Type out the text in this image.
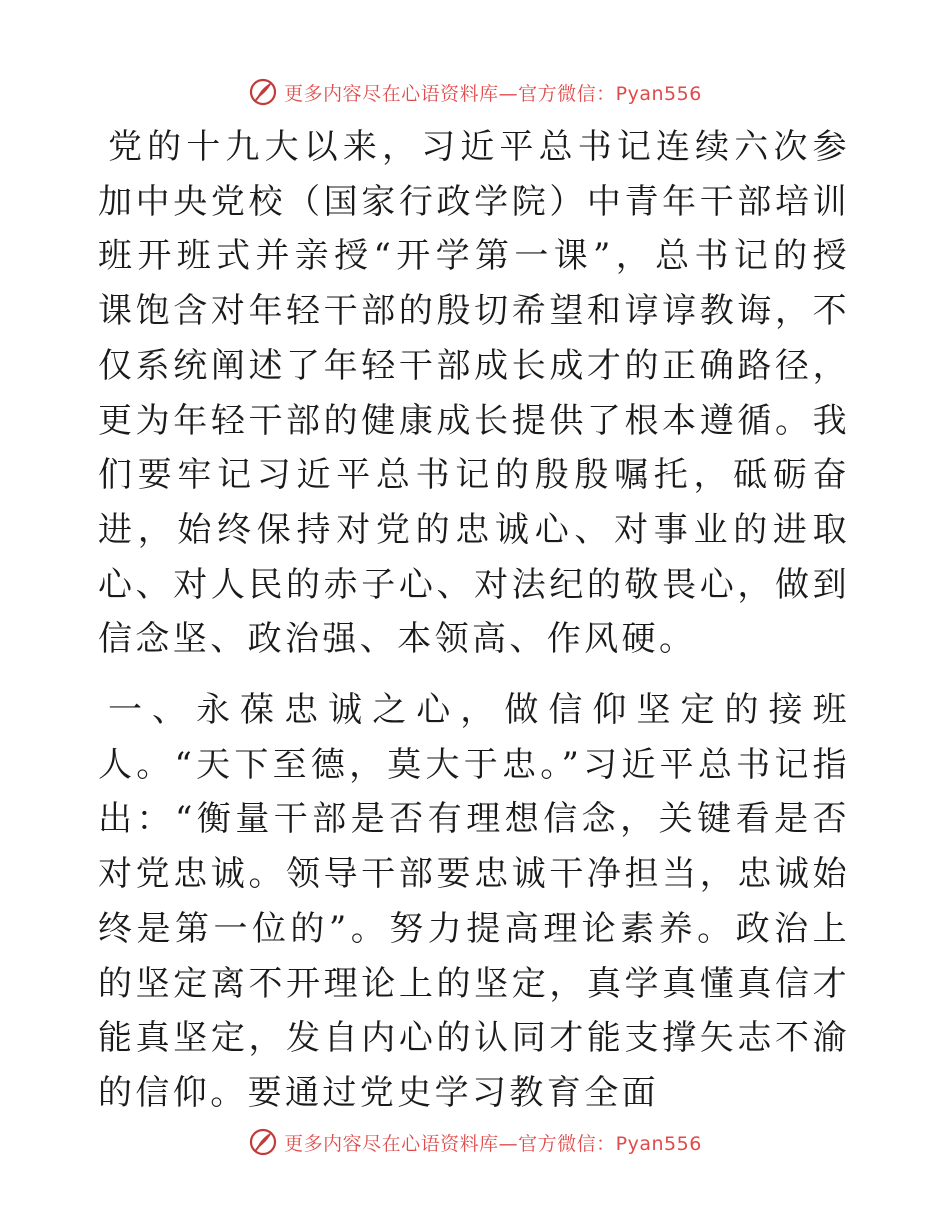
更多内容尽在心语资料库—官方微信：Pyan556

党的十九大以来，习近平总书记连续六次参加中央党校（国家行政学院）中青年干部培训班开班式并亲授“开学第一课”，总书记的授课饱含对年轻干部的殷切希望和谆谆教诲，不仅系统阐述了年轻干部成长成才的正确路径，更为年轻干部的健康成长提供了根本遵循。我们要牢记习近平总书记的殷殷嘱托，砥砺奋进，始终保持对党的忠诚心、对事业的进取心、对人民的赤子心、对法纪的敬畏心，做到信念坚、政治强、本领高、作风硬。

一、永葆忠诚之心，做信仰坚定的接班人。“天下至德，莫大于忠。”习近平总书记指出：“衡量干部是否有理想信念，关键看是否对党忠诚。领导干部要忠诚干净担当，忠诚始终是第一位的”。努力提高理论素养。政治上的坚定离不开理论上的坚定，真学真懂真信才能真坚定，发自内心的认同才能支撑矢志不渝的信仰。要通过党史学习教育全面

更多内容尽在心语资料库—官方微信：Pyan556
